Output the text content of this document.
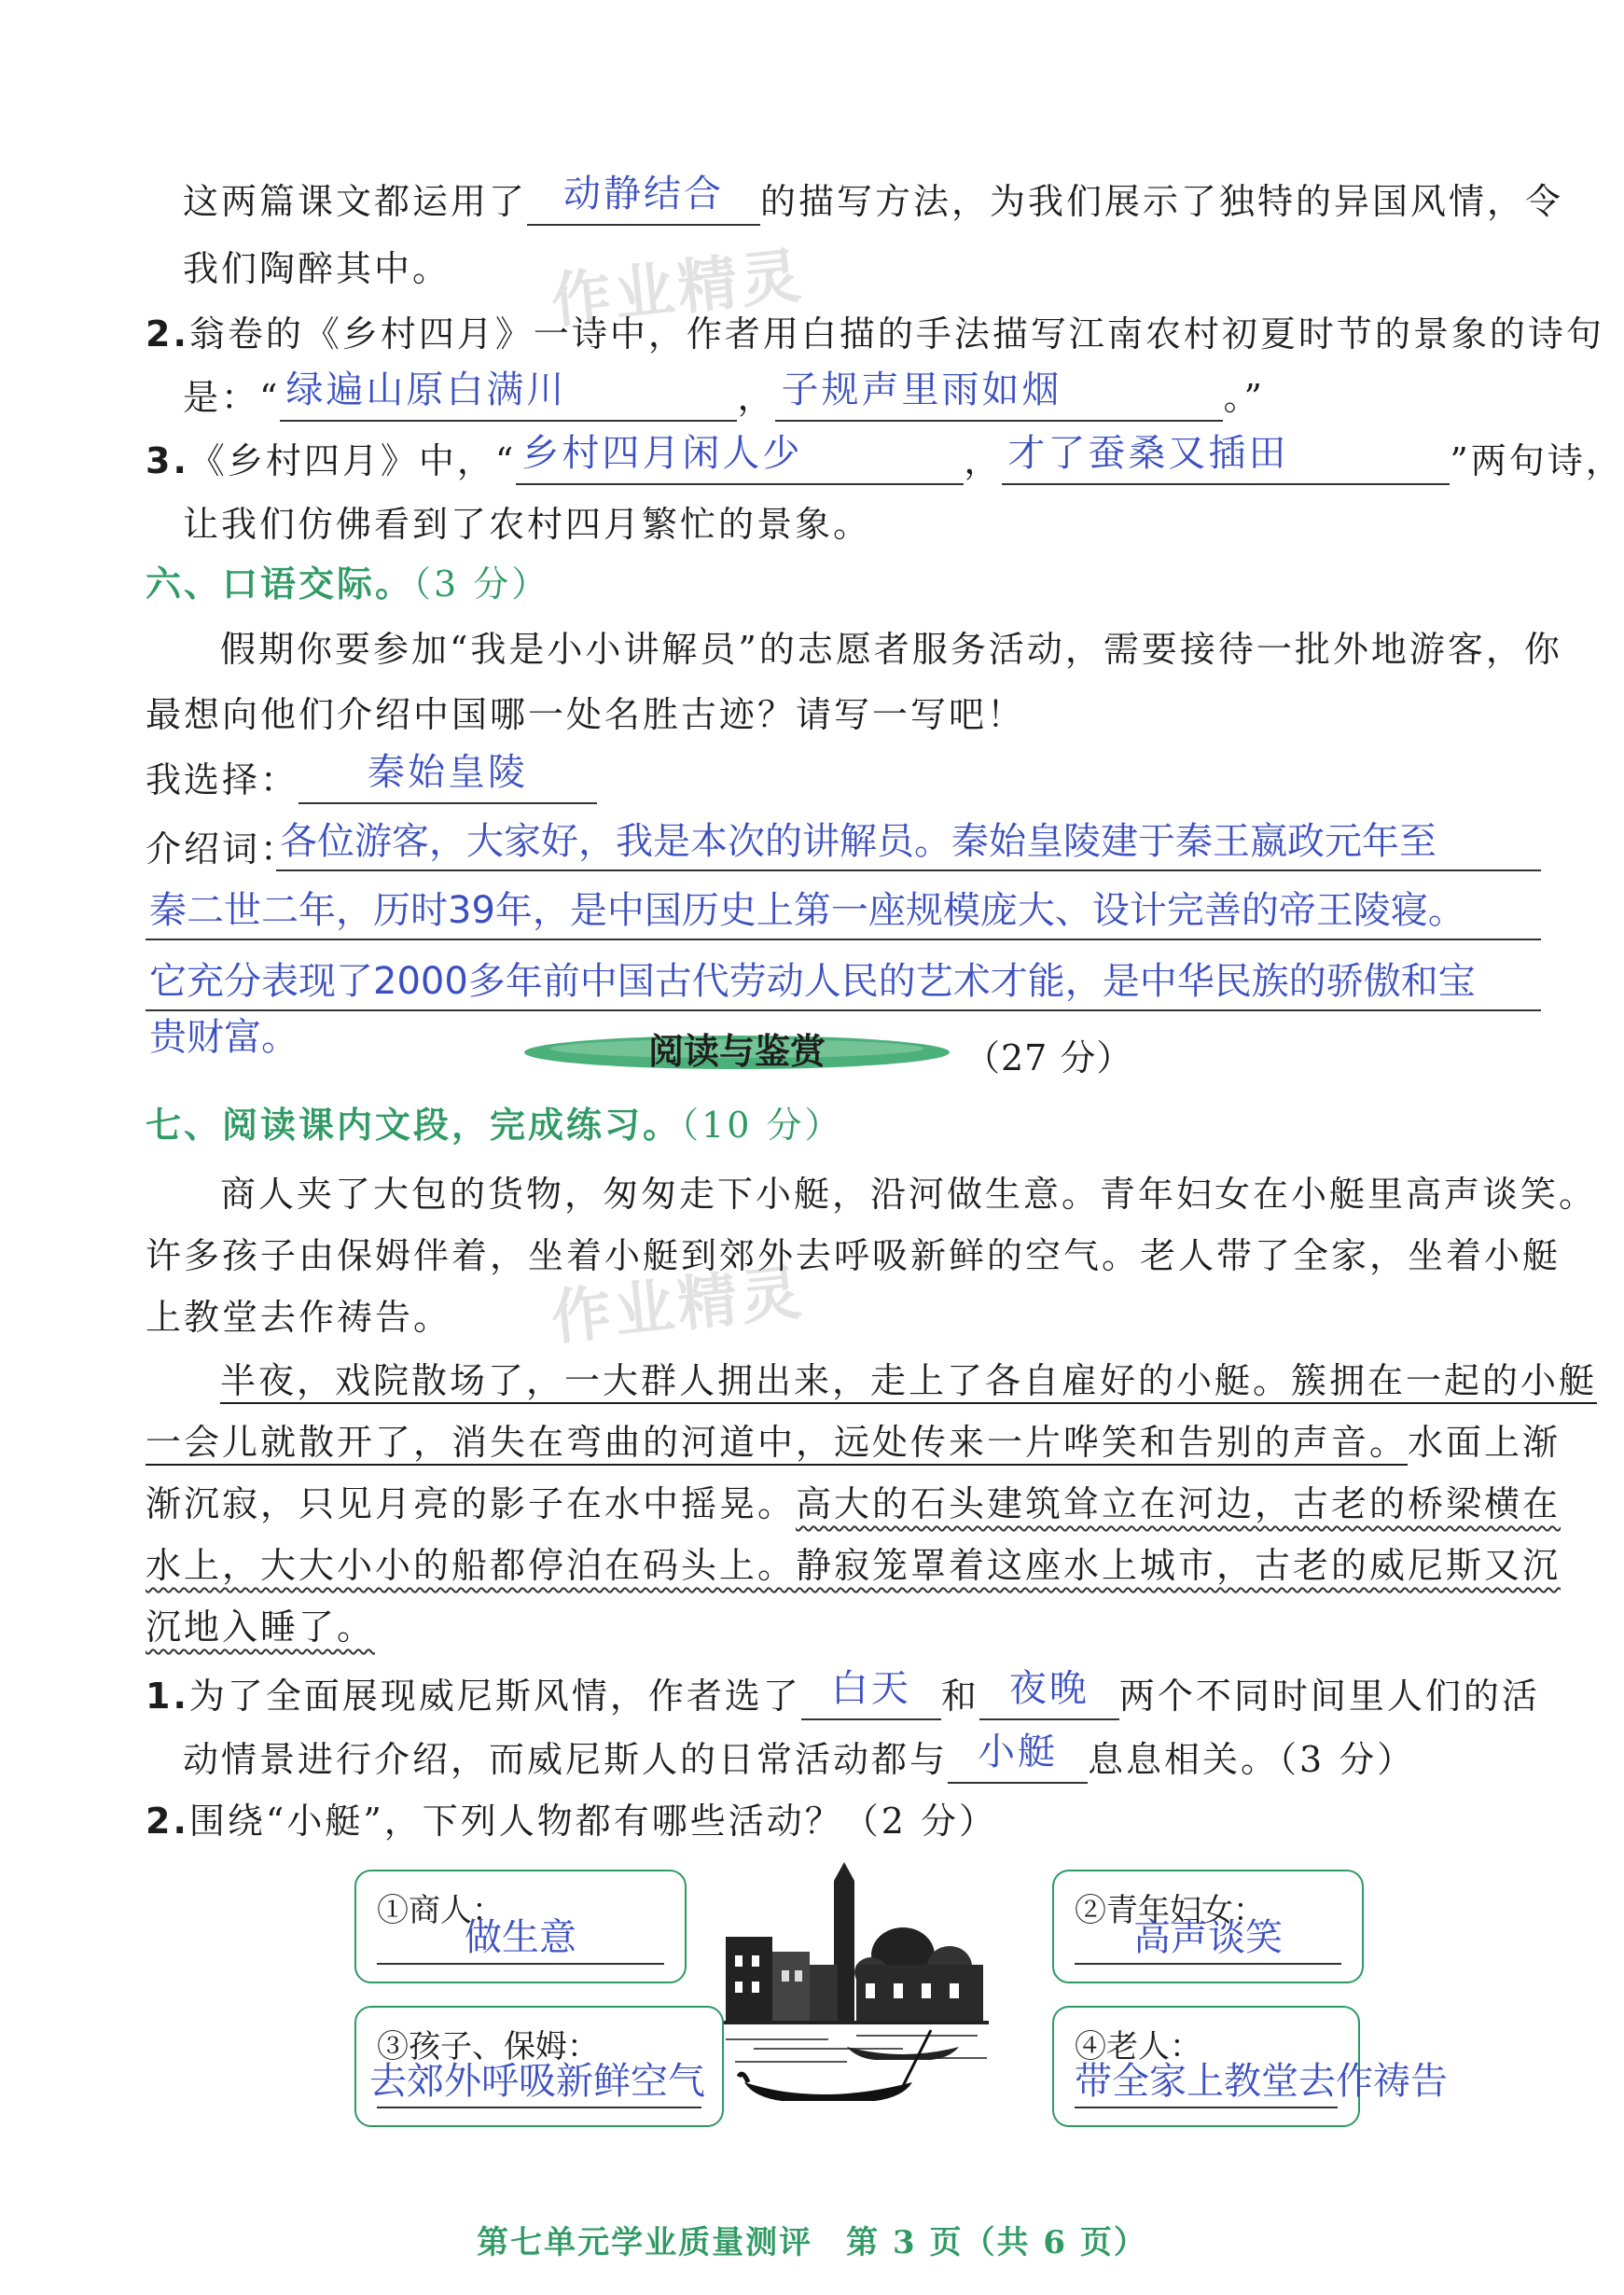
作业精灵
作业精灵
这两篇课文都运用了 动静结合	的描写方法，为我们展示了独特的异国风情，令
我们陶醉其中。
2.翁卷的《乡村四月》一诗中，作者用白描的手法描写江南农村初夏时节的景象的诗句
是：“ 绿遍山原白满川	， 子规声里雨如烟	。”
3.《乡村四月》中，“ 乡村四月闲人少	， 才了蚕桑又插田	”两句诗，
让我们仿佛看到了农村四月繁忙的景象。
六、口语交际。（3 分）
假期你要参加“我是小小讲解员”的志愿者服务活动，需要接待一批外地游客，你
最想向他们介绍中国哪一处名胜古迹？请写一写吧！
我选择：	秦始皇陵
介绍词：
各位游客，大家好，我是本次的讲解员。秦始皇陵建于秦王嬴政元年至
秦二世二年，历时39年，是中国历史上第一座规模庞大、设计完善的帝王陵寝。
它充分表现了2000多年前中国古代劳动人民的艺术才能，是中华民族的骄傲和宝
贵财富。	阅读与鉴赏	（27 分）
七、阅读课内文段，完成练习。（10 分）
商人夹了大包的货物，匆匆走下小艇，沿河做生意。青年妇女在小艇里高声谈笑。
许多孩子由保姆伴着，坐着小艇到郊外去呼吸新鲜的空气。老人带了全家，坐着小艇
上教堂去作祷告。
半夜，戏院散场了，一大群人拥出来，走上了各自雇好的小艇。簇拥在一起的小艇
一会儿就散开了，消失在弯曲的河道中，远处传来一片哗笑和告别的声音。水面上渐
渐沉寂，只见月亮的影子在水中摇晃。高大的石头建筑耸立在河边，古老的桥梁横在
水上，大大小小的船都停泊在码头上。静寂笼罩着这座水上城市，古老的威尼斯又沉
沉地入睡了。
1.为了全面展现威尼斯风情，作者选了 白天 和 夜晚 两个不同时间里人们的活
动情景进行介绍，而威尼斯人的日常活动都与 小艇 息息相关。（3 分）
2.围绕“小艇”，下列人物都有哪些活动？（2 分）
①商人：
做生意
②青年妇女：
高声谈笑
③孩子、保姆：
去郊外呼吸新鲜空气
④老人：
带全家上教堂去作祷告
第七单元学业质量测评　第 3 页（共 6 页）
